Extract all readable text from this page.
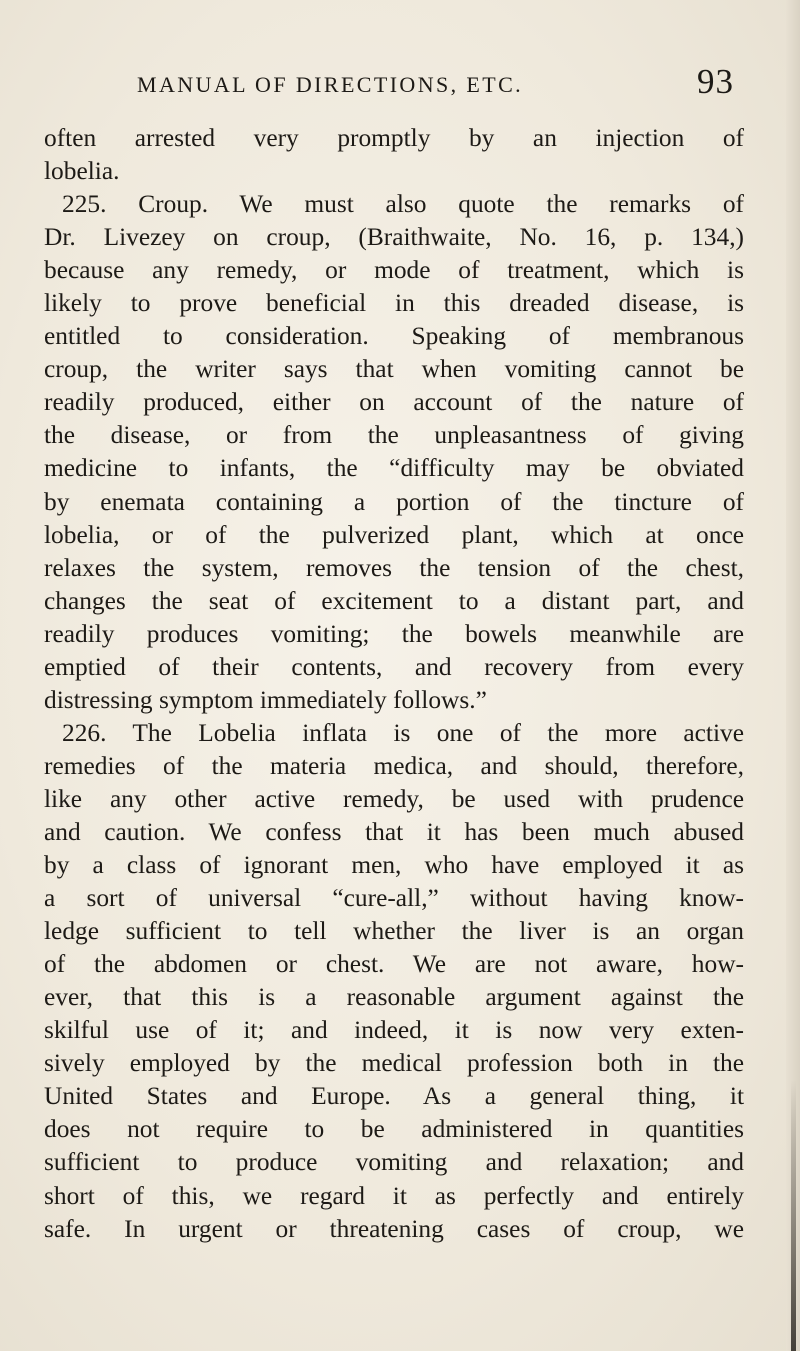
MANUAL OF DIRECTIONS, ETC.	93
often arrested very promptly by an injection of
lobelia.
225. Croup. We must also quote the remarks of
Dr. Livezey on croup, (Braithwaite, No. 16, p. 134,)
because any remedy, or mode of treatment, which is
likely to prove beneficial in this dreaded disease, is
entitled to consideration. Speaking of membranous
croup, the writer says that when vomiting cannot be
readily produced, either on account of the nature of
the disease, or from the unpleasantness of giving
medicine to infants, the “difficulty may be obviated
by enemata containing a portion of the tincture of
lobelia, or of the pulverized plant, which at once
relaxes the system, removes the tension of the chest,
changes the seat of excitement to a distant part, and
readily produces vomiting; the bowels meanwhile are
emptied of their contents, and recovery from every
distressing symptom immediately follows.”
226. The Lobelia inflata is one of the more active
remedies of the materia medica, and should, therefore,
like any other active remedy, be used with prudence
and caution. We confess that it has been much abused
by a class of ignorant men, who have employed it as
a sort of universal “cure-all,” without having know-
ledge sufficient to tell whether the liver is an organ
of the abdomen or chest. We are not aware, how-
ever, that this is a reasonable argument against the
skilful use of it; and indeed, it is now very exten-
sively employed by the medical profession both in the
United States and Europe. As a general thing, it
does not require to be administered in quantities
sufficient to produce vomiting and relaxation; and
short of this, we regard it as perfectly and entirely
safe. In urgent or threatening cases of croup, we
